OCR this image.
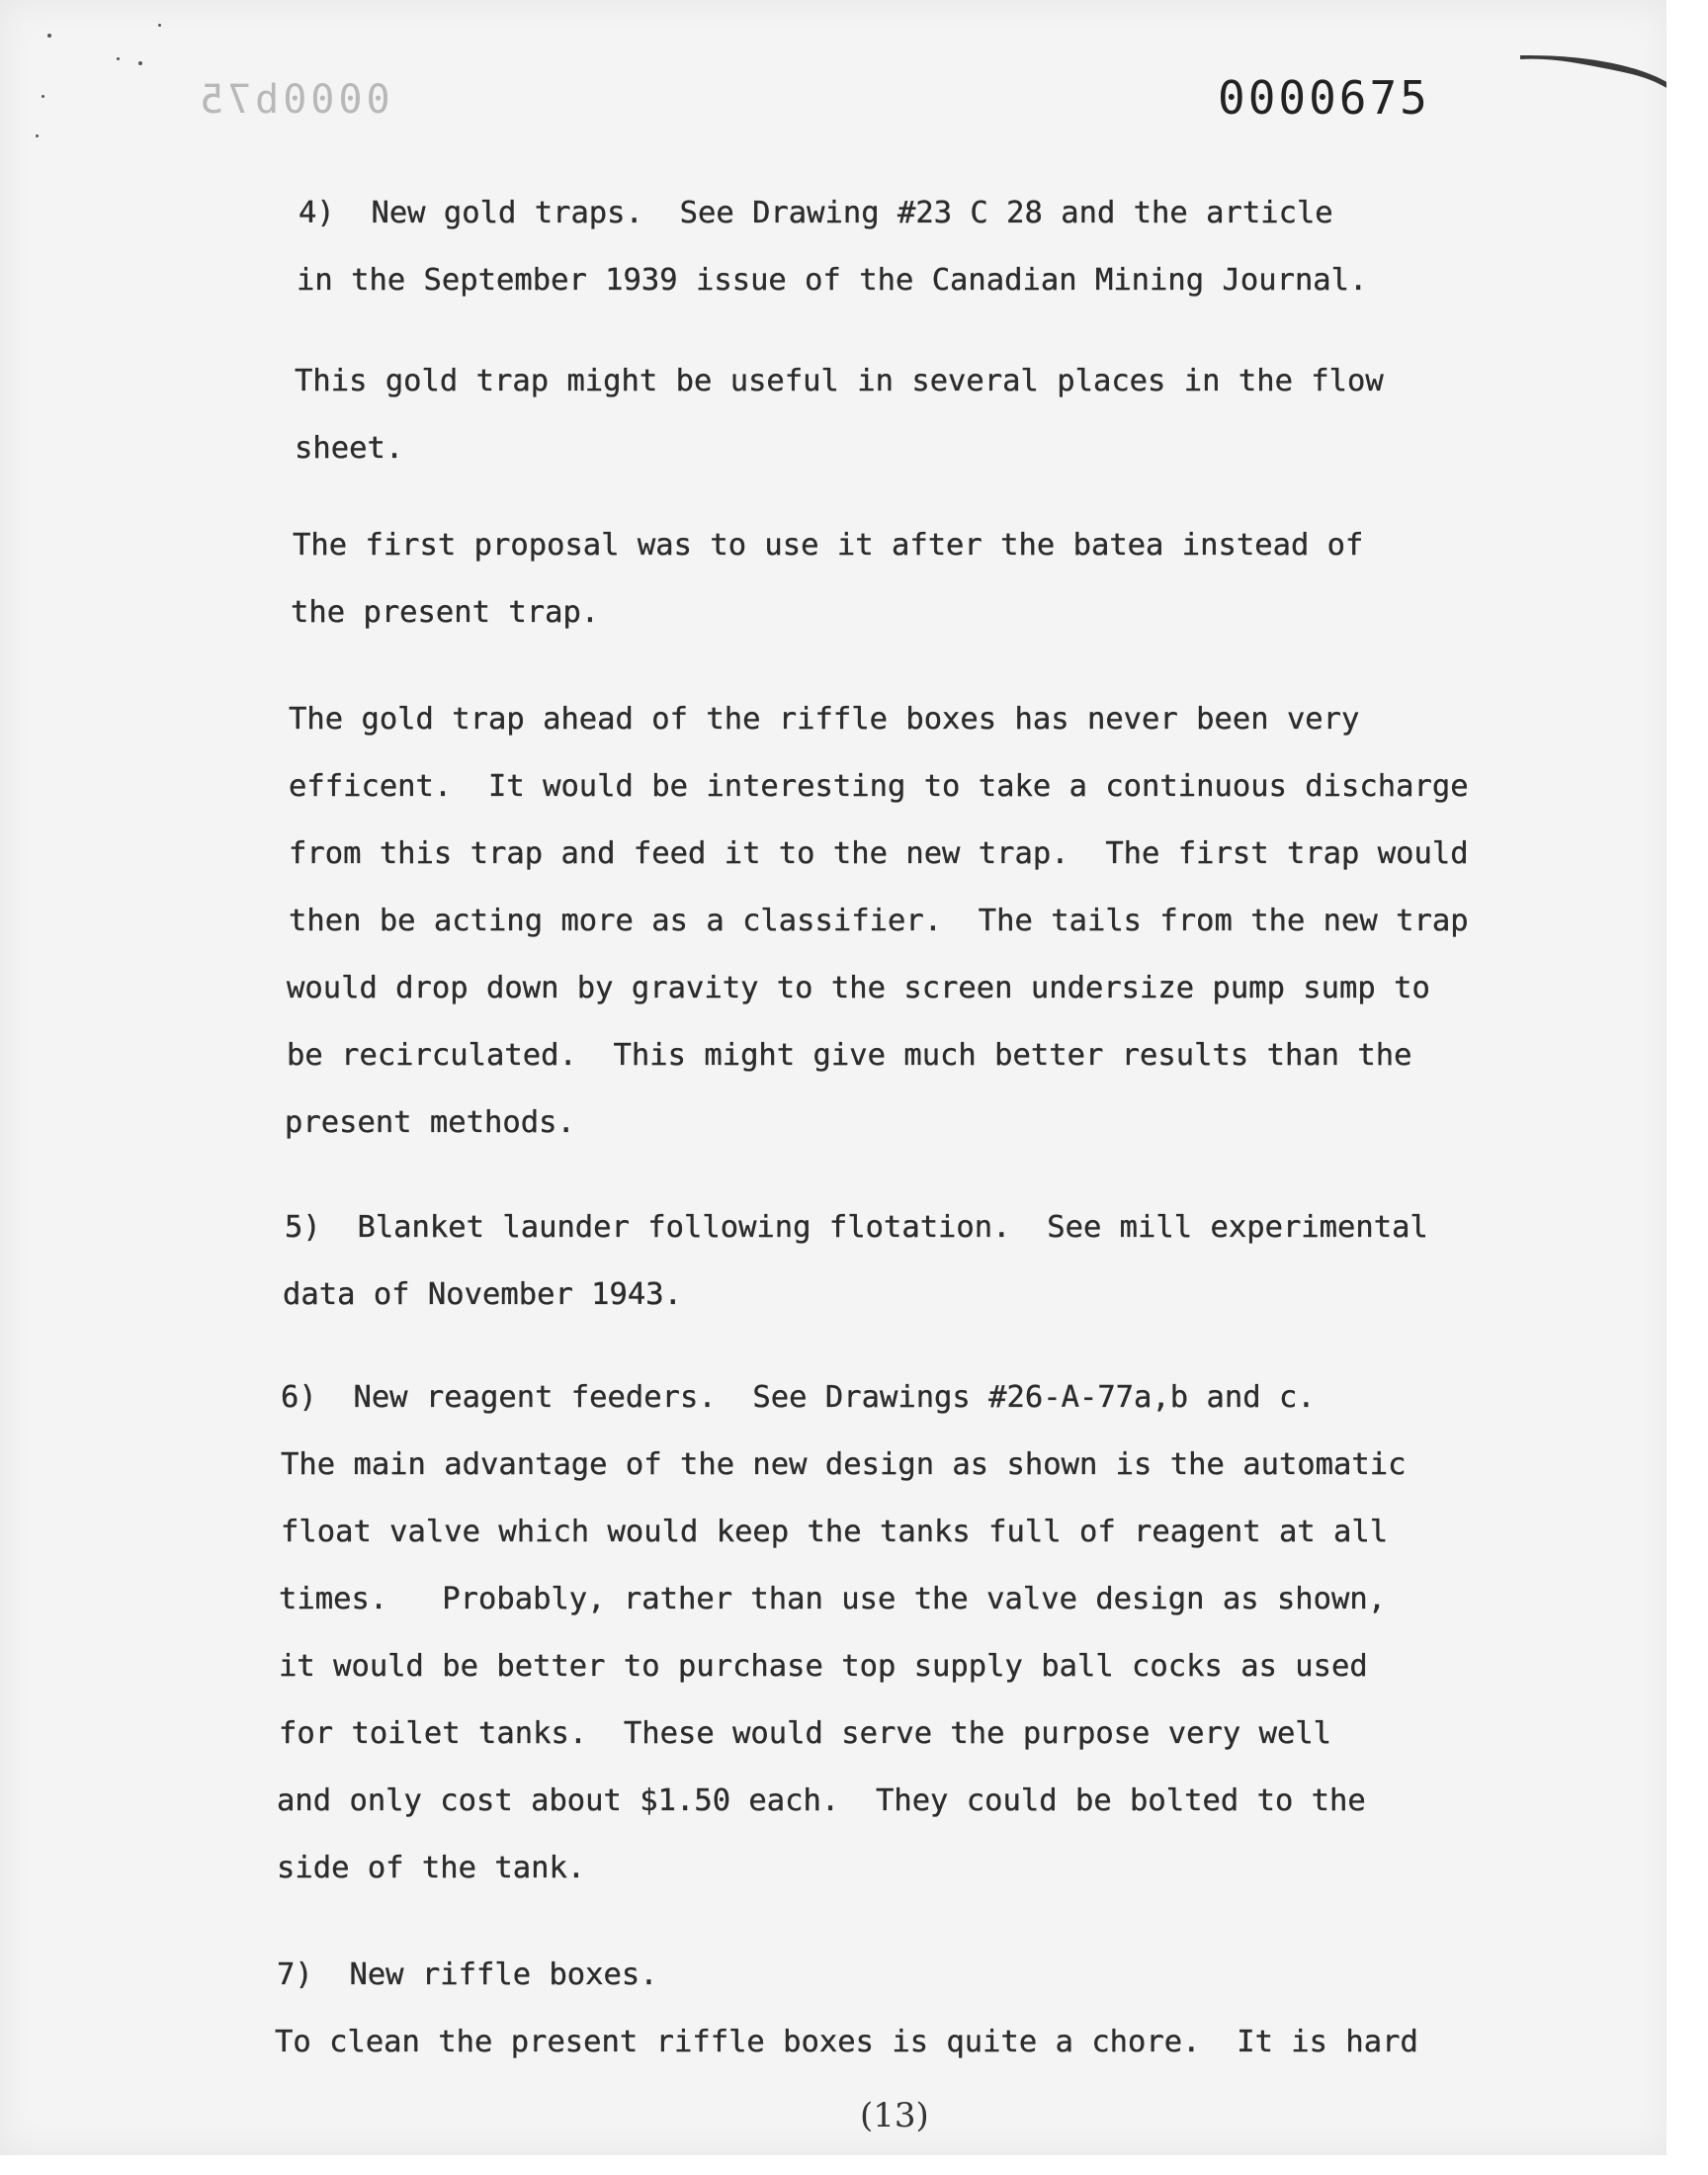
0000b75	0000675
4)  New gold traps.  See Drawing #23 C 28 and the article
in the September 1939 issue of the Canadian Mining Journal.
This gold trap might be useful in several places in the flow
sheet.
The first proposal was to use it after the batea instead of
the present trap.
The gold trap ahead of the riffle boxes has never been very
efficent.  It would be interesting to take a continuous discharge
from this trap and feed it to the new trap.  The first trap would
then be acting more as a classifier.  The tails from the new trap
would drop down by gravity to the screen undersize pump sump to
be recirculated.  This might give much better results than the
present methods.
5)  Blanket launder following flotation.  See mill experimental
data of November 1943.
6)  New reagent feeders.  See Drawings #26-A-77a,b and c.
The main advantage of the new design as shown is the automatic
float valve which would keep the tanks full of reagent at all
times.   Probably, rather than use the valve design as shown,
it would be better to purchase top supply ball cocks as used
for toilet tanks.  These would serve the purpose very well
and only cost about $1.50 each.  They could be bolted to the
side of the tank.
7)  New riffle boxes.
To clean the present riffle boxes is quite a chore.  It is hard
(13)
